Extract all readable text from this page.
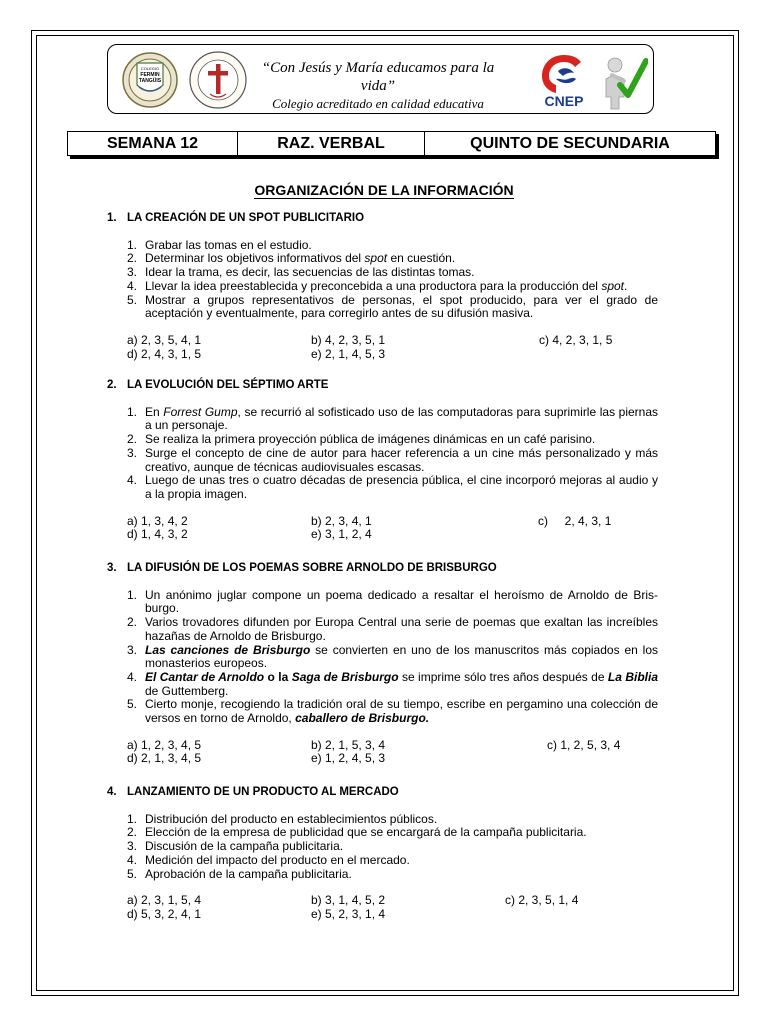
COLEGIO
FERMIN
TANGÜIS
“Con Jesús y María educamos para la vida”
Colegio acreditado en calidad educativa	CNEP
SEMANA 12	RAZ. VERBAL	QUINTO DE SECUNDARIA
ORGANIZACIÓN DE LA INFORMACIÓN
1. LA CREACIÓN DE UN SPOT PUBLICITARIO
1. Grabar las tomas en el estudio.
2. Determinar los objetivos informativos del spot en cuestión.
3. Idear la trama, es decir, las secuencias de las distintas tomas.
4. Llevar la idea preestablecida y preconcebida a una productora para la producción del spot.
5. Mostrar a grupos representativos de personas, el spot producido, para ver el grado de aceptación y eventualmente, para corregirlo antes de su difusión masiva.
a) 2, 3, 5, 4, 1	b) 4, 2, 3, 5, 1	c) 4, 2, 3, 1, 5
d) 2, 4, 3, 1, 5	e) 2, 1, 4, 5, 3
2. LA EVOLUCIÓN DEL SÉPTIMO ARTE
1. En Forrest Gump, se recurrió al sofisticado uso de las computadoras para suprimirle las piernas a un personaje.
2. Se realiza la primera proyección pública de imágenes dinámicas en un café parisino.
3. Surge el concepto de cine de autor para hacer referencia a un cine más personalizado y más creativo, aunque de técnicas audiovisuales escasas.
4. Luego de unas tres o cuatro décadas de presencia pública, el cine incorporó mejoras al audio y a la propia imagen.
a) 1, 3, 4, 2	b) 2, 3, 4, 1	c)     2, 4, 3, 1
d) 1, 4, 3, 2	e) 3, 1, 2, 4
3. LA DIFUSIÓN DE LOS POEMAS SOBRE ARNOLDO DE BRISBURGO
1. Un anónimo juglar compone un poema dedicado a resaltar el heroísmo de Arnoldo de Bris-burgo.
2. Varios trovadores difunden por Europa Central una serie de poemas que exaltan las increíbles hazañas de Arnoldo de Brisburgo.
3. Las canciones de Brisburgo se convierten en uno de los manuscritos más copiados en los monasterios europeos.
4. El Cantar de Arnoldo o la Saga de Brisburgo se imprime sólo tres años después de La Biblia de Guttemberg.
5. Cierto monje, recogiendo la tradición oral de su tiempo, escribe en pergamino una colección de versos en torno de Arnoldo, caballero de Brisburgo.
a) 1, 2, 3, 4, 5	b) 2, 1, 5, 3, 4	c) 1, 2, 5, 3, 4
d) 2, 1, 3, 4, 5	e) 1, 2, 4, 5, 3
4. LANZAMIENTO DE UN PRODUCTO AL MERCADO
1. Distribución del producto en establecimientos públicos.
2. Elección de la empresa de publicidad que se encargará de la campaña publicitaria.
3. Discusión de la campaña publicitaria.
4. Medición del impacto del producto en el mercado.
5. Aprobación de la campaña publicitaria.
a) 2, 3, 1, 5, 4	b) 3, 1, 4, 5, 2	c) 2, 3, 5, 1, 4
d) 5, 3, 2, 4, 1	e) 5, 2, 3, 1, 4
